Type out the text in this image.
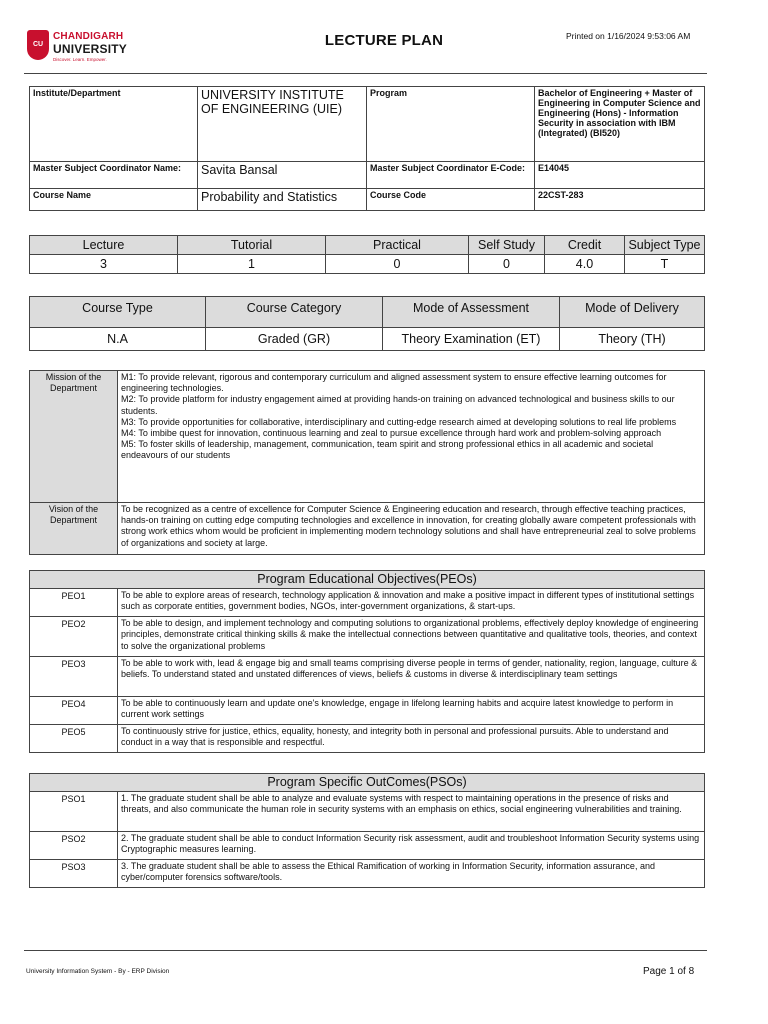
CU
CHANDIGARH
UNIVERSITY
Discover. Learn. Empower.
LECTURE PLAN	Printed on 1/16/2024 9:53:06 AM
Institute/Department	UNIVERSITY INSTITUTE OF ENGINEERING (UIE)	Program	Bachelor of Engineering + Master of Engineering in Computer Science and Engineering (Hons) - Information Security in association with IBM (Integrated) (BI520)
Master Subject Coordinator Name:	Savita Bansal	Master Subject Coordinator E-Code:	E14045
Course Name	Probability and Statistics	Course Code	22CST-283
Lecture	Tutorial	Practical	Self Study	Credit	Subject Type
3	1	0	0	4.0	T
Course Type	Course Category	Mode of Assessment	Mode of Delivery
N.A	Graded (GR)	Theory Examination (ET)	Theory (TH)
Mission of the Department	M1: To provide relevant, rigorous and contemporary curriculum and aligned assessment system to ensure effective learning outcomes for engineering technologies.
M2: To provide platform for industry engagement aimed at providing hands-on training on advanced technological and business skills to our students.
M3: To provide opportunities for collaborative, interdisciplinary and cutting-edge research aimed at developing solutions to real life problems
M4: To imbibe quest for innovation, continuous learning and zeal to pursue excellence through hard work and problem-solving approach
M5: To foster skills of leadership, management, communication, team spirit and strong professional ethics in all academic and societal endeavours of our students

Vision of the Department	To be recognized as a centre of excellence for Computer Science & Engineering education and research, through effective teaching practices, hands-on training on cutting edge computing technologies and excellence in innovation, for creating globally aware competent professionals with strong work ethics whom would be proficient in implementing modern technology solutions and shall have entrepreneurial zeal to solve problems of organizations and society at large.
Program Educational Objectives(PEOs)	
PEO1	To be able to explore areas of research, technology application & innovation and make a positive impact in different types of institutional settings such as corporate entities, government bodies, NGOs, inter-government organizations, & start-ups.
PEO2	To be able to design, and implement technology and computing solutions to organizational problems, effectively deploy knowledge of engineering principles, demonstrate critical thinking skills & make the intellectual connections between quantitative and qualitative tools, theories, and context to solve the organizational problems
PEO3	To be able to work with, lead & engage big and small teams comprising diverse people in terms of gender, nationality, region, language, culture & beliefs. To understand stated and unstated differences of views, beliefs & customs in diverse & interdisciplinary team settings
PEO4	To be able to continuously learn and update one's knowledge, engage in lifelong learning habits and acquire latest knowledge to perform in current work settings
PEO5	To continuously strive for justice, ethics, equality, honesty, and integrity both in personal and professional pursuits. Able to understand and conduct in a way that is responsible and respectful.
Program Specific OutComes(PSOs)	
PSO1	1. The graduate student shall be able to analyze and evaluate systems with respect to maintaining operations in the presence of risks and threats, and also communicate the human role in security systems with an emphasis on ethics, social engineering vulnerabilities and training.
PSO2	2. The graduate student shall be able to conduct Information Security risk assessment, audit and troubleshoot Information Security systems using Cryptographic measures learning.
PSO3	3. The graduate student shall be able to assess the Ethical Ramification of working in Information Security, information assurance, and cyber/computer forensics software/tools.
University Information System - By - ERP Division	Page 1 of 8
